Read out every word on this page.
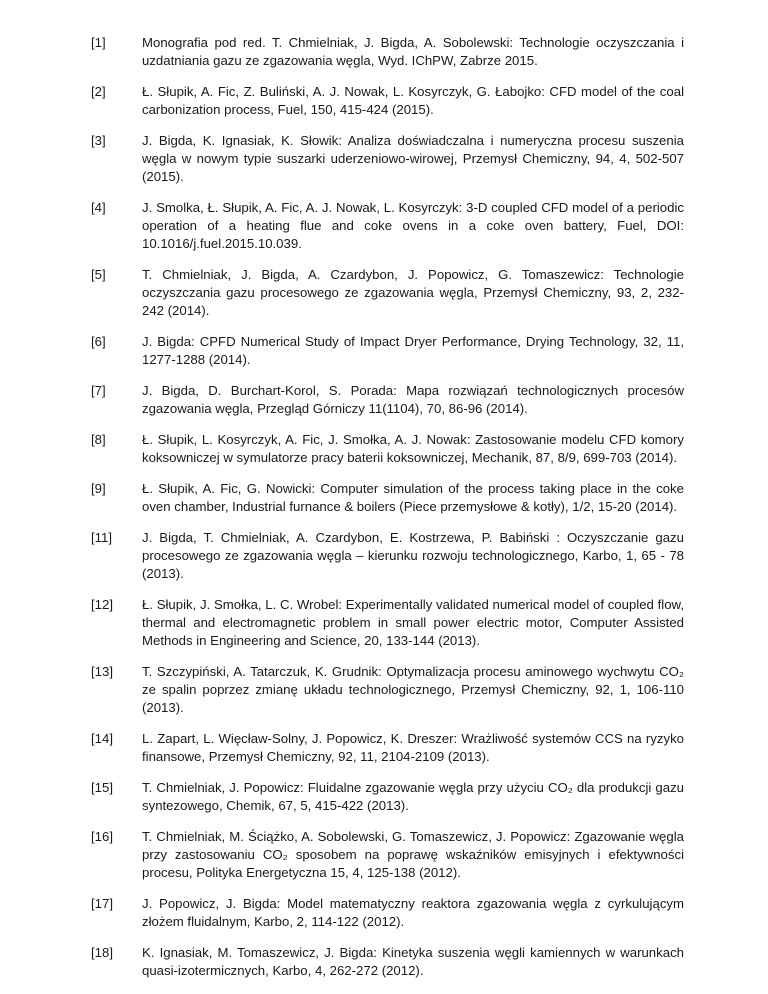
[1]	Monografia pod red. T. Chmielniak, J. Bigda, A. Sobolewski: Technologie oczyszczania i uzdatniania gazu ze zgazowania węgla, Wyd. IChPW, Zabrze 2015.
[2]	Ł. Słupik, A. Fic, Z. Buliński, A. J. Nowak, L. Kosyrczyk, G. Łabojko: CFD model of the coal carbonization process, Fuel, 150, 415-424 (2015).
[3]	J. Bigda, K. Ignasiak, K. Słowik: Analiza doświadczalna i numeryczna procesu suszenia węgla w nowym typie suszarki uderzeniowo-wirowej, Przemysł Chemiczny, 94, 4, 502-507 (2015).
[4]	J. Smolka, Ł. Słupik, A. Fic, A. J. Nowak, L. Kosyrczyk: 3-D coupled CFD model of a periodic operation of a heating flue and coke ovens in a coke oven battery, Fuel, DOI: 10.1016/j.fuel.2015.10.039.
[5]	T. Chmielniak, J. Bigda, A. Czardybon, J. Popowicz, G. Tomaszewicz: Technologie oczyszczania gazu procesowego ze zgazowania węgla, Przemysł Chemiczny, 93, 2, 232-242 (2014).
[6]	J. Bigda: CPFD Numerical Study of Impact Dryer Performance, Drying Technology, 32, 11, 1277-1288 (2014).
[7]	J. Bigda, D. Burchart-Korol, S. Porada: Mapa rozwiązań technologicznych procesów zgazowania węgla, Przegląd Górniczy 11(1104), 70, 86-96 (2014).
[8]	Ł. Słupik, L. Kosyrczyk, A. Fic, J. Smołka, A. J. Nowak: Zastosowanie modelu CFD komory koksowniczej w symulatorze pracy baterii koksowniczej, Mechanik, 87, 8/9, 699-703 (2014).
[9]	Ł. Słupik, A. Fic, G. Nowicki: Computer simulation of the process taking place in the coke oven chamber, Industrial furnance & boilers (Piece przemysłowe & kotły), 1/2, 15-20 (2014).
[11]	J. Bigda, T. Chmielniak, A. Czardybon, E. Kostrzewa, P. Babiński : Oczyszczanie gazu procesowego ze zgazowania węgla – kierunku rozwoju technologicznego, Karbo, 1, 65 - 78 (2013).
[12]	Ł. Słupik, J. Smołka, L. C. Wrobel: Experimentally validated numerical model of coupled flow, thermal and electromagnetic problem in small power electric motor, Computer Assisted Methods in Engineering and Science, 20, 133-144 (2013).
[13]	T. Szczypiński, A. Tatarczuk, K. Grudnik: Optymalizacja procesu aminowego wychwytu CO₂ ze spalin poprzez zmianę układu technologicznego, Przemysł Chemiczny, 92, 1, 106-110 (2013).
[14]	L. Zapart, L. Więcław-Solny, J. Popowicz, K. Dreszer: Wrażliwość systemów CCS na ryzyko finansowe, Przemysł Chemiczny, 92, 11, 2104-2109 (2013).
[15]	T. Chmielniak, J. Popowicz: Fluidalne zgazowanie węgla przy użyciu CO₂ dla produkcji gazu syntezowego, Chemik, 67, 5, 415-422 (2013).
[16]	T. Chmielniak, M. Ściążko, A. Sobolewski, G. Tomaszewicz, J. Popowicz: Zgazowanie węgla przy zastosowaniu CO₂ sposobem na poprawę wskaźników emisyjnych i efektywności procesu, Polityka Energetyczna 15, 4, 125-138 (2012).
[17]	J. Popowicz, J. Bigda: Model matematyczny reaktora zgazowania węgla z cyrkulującym złożem fluidalnym, Karbo, 2, 114-122 (2012).
[18]	K. Ignasiak, M. Tomaszewicz, J. Bigda: Kinetyka suszenia węgli kamiennych w warunkach quasi-izotermicznych, Karbo, 4, 262-272 (2012).
